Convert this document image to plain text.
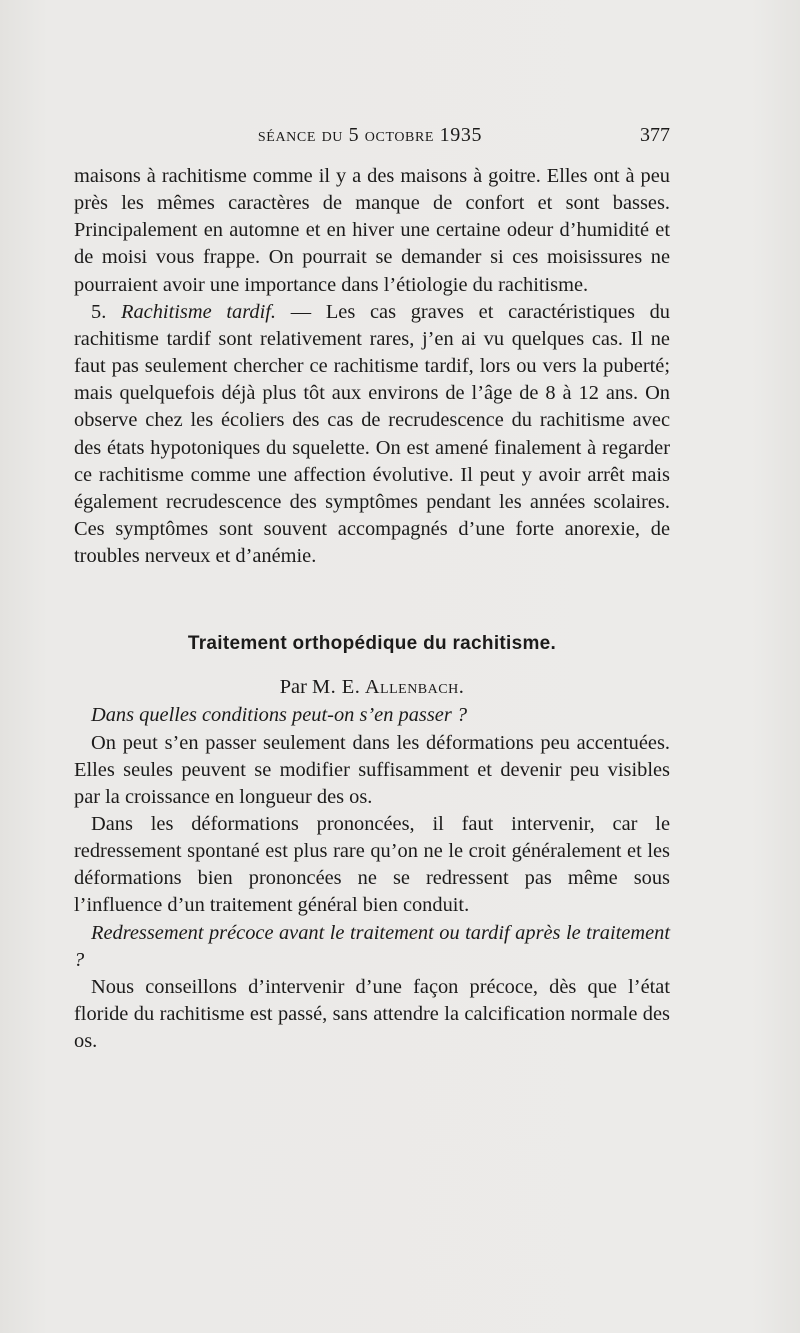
séance du 5 octobre 1935	377

maisons à rachitisme comme il y a des maisons à goitre. Elles ont à peu près les mêmes caractères de manque de confort et sont basses. Principalement en automne et en hiver une certaine odeur d’humidité et de moisi vous frappe. On pourrait se demander si ces moisissures ne pourraient avoir une importance dans l’étiologie du rachitisme.

5. Rachitisme tardif. — Les cas graves et caractéristiques du rachitisme tardif sont relativement rares, j’en ai vu quelques cas. Il ne faut pas seulement chercher ce rachitisme tardif, lors ou vers la puberté; mais quelquefois déjà plus tôt aux environs de l’âge de 8 à 12 ans. On observe chez les écoliers des cas de recrudescence du rachitisme avec des états hypotoniques du squelette. On est amené finalement à regarder ce rachitisme comme une affection évolutive. Il peut y avoir arrêt mais également recrudescence des symptômes pendant les années scolaires. Ces symptômes sont souvent accompagnés d’une forte anorexie, de troubles nerveux et d’anémie.

Traitement orthopédique du rachitisme.
Par M. E. Allenbach.

Dans quelles conditions peut-on s’en passer ?

On peut s’en passer seulement dans les déformations peu accentuées. Elles seules peuvent se modifier suffisamment et devenir peu visibles par la croissance en longueur des os.

Dans les déformations prononcées, il faut intervenir, car le redressement spontané est plus rare qu’on ne le croit généralement et les déformations bien prononcées ne se redressent pas même sous l’influence d’un traitement général bien conduit.

Redressement précoce avant le traitement ou tardif après le traitement ?

Nous conseillons d’intervenir d’une façon précoce, dès que l’état floride du rachitisme est passé, sans attendre la calcification normale des os.
